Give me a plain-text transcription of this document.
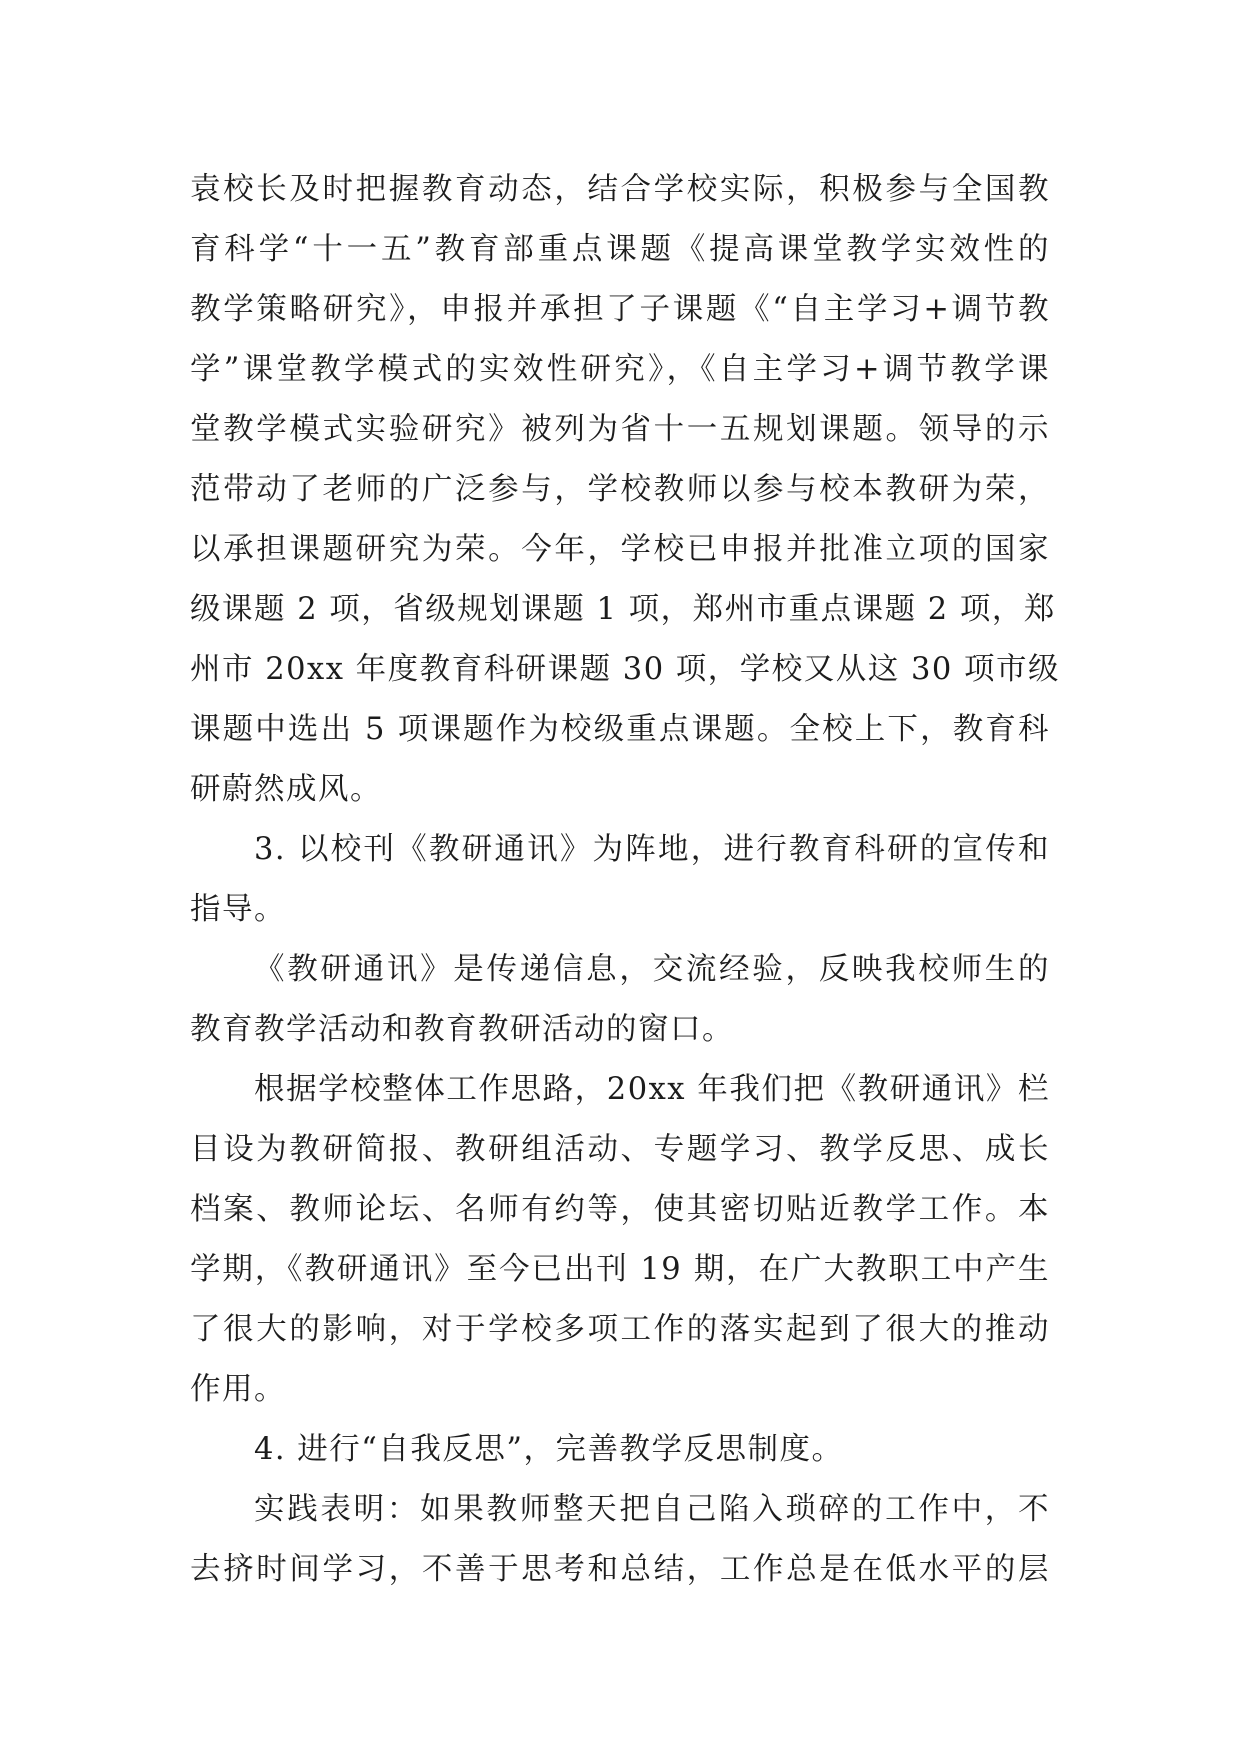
袁校长及时把握教育动态，结合学校实际，积极参与全国教
育科学“十一五”教育部重点课题《提高课堂教学实效性的
教学策略研究》，申报并承担了子课题《“自主学习+调节教
学”课堂教学模式的实效性研究》，《自主学习+调节教学课
堂教学模式实验研究》被列为省十一五规划课题。领导的示
范带动了老师的广泛参与，学校教师以参与校本教研为荣，
以承担课题研究为荣。今年，学校已申报并批准立项的国家
级课题 2 项，省级规划课题 1 项，郑州市重点课题 2 项，郑
州市 20xx 年度教育科研课题 30 项，学校又从这 30 项市级
课题中选出 5 项课题作为校级重点课题。全校上下，教育科
研蔚然成风。
3. 以校刊《教研通讯》为阵地，进行教育科研的宣传和
指导。
《教研通讯》是传递信息，交流经验，反映我校师生的
教育教学活动和教育教研活动的窗口。
根据学校整体工作思路，20xx 年我们把《教研通讯》栏
目设为教研简报、教研组活动、专题学习、教学反思、成长
档案、教师论坛、名师有约等，使其密切贴近教学工作。本
学期，《教研通讯》至今已出刊 19 期，在广大教职工中产生
了很大的影响，对于学校多项工作的落实起到了很大的推动
作用。
4. 进行“自我反思”，完善教学反思制度。
实践表明：如果教师整天把自己陷入琐碎的工作中，不
去挤时间学习，不善于思考和总结，工作总是在低水平的层
